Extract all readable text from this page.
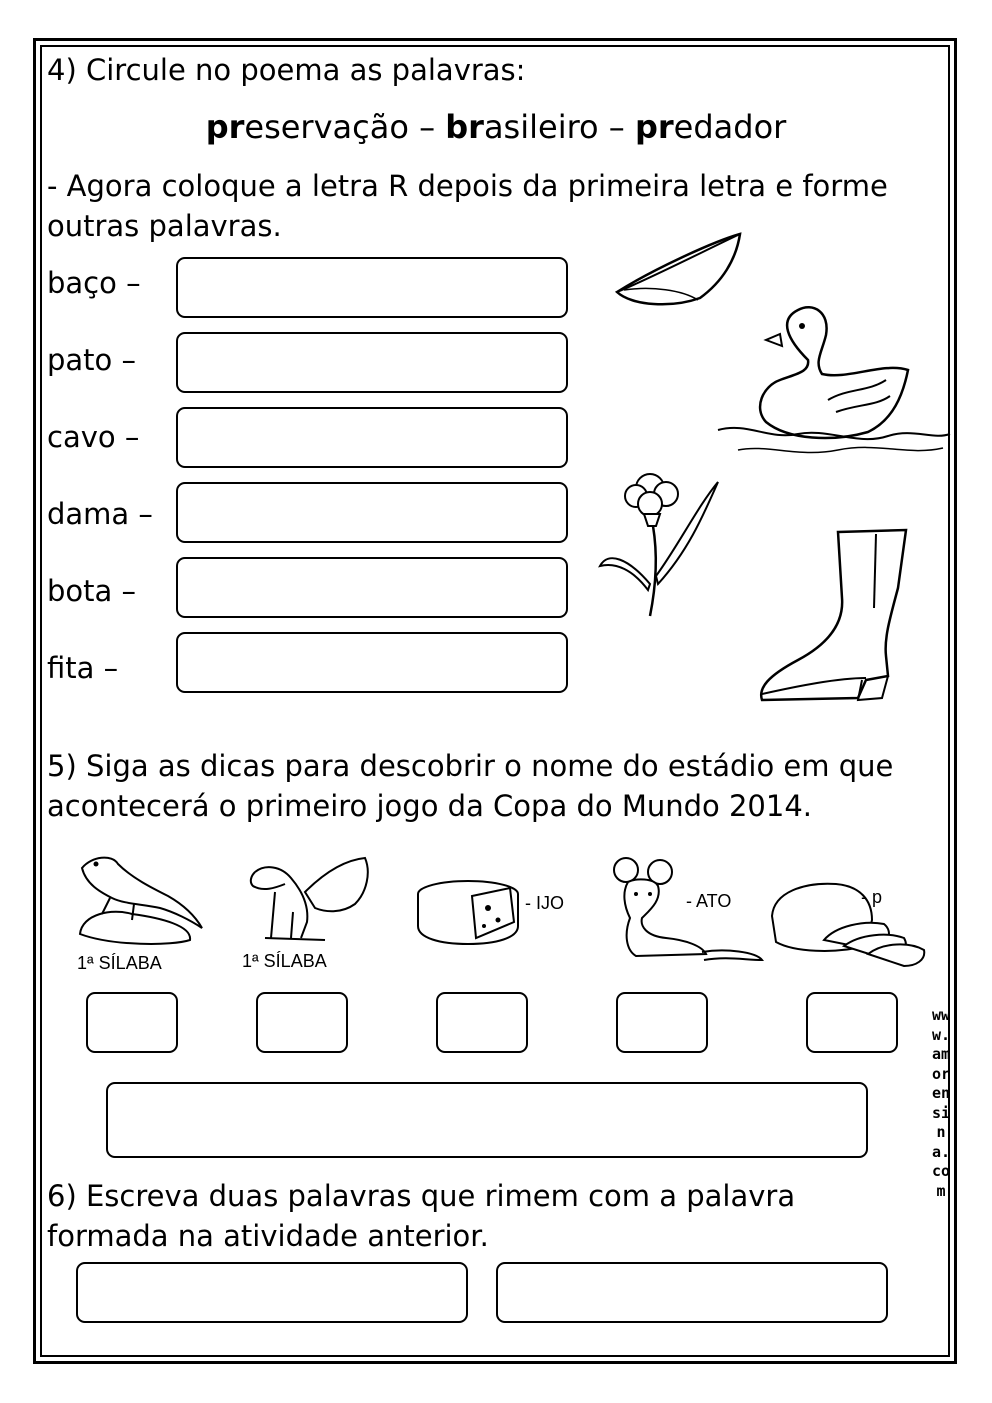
4) Circule no poema as palavras:
preservação – brasileiro – predador
- Agora coloque a letra R depois da primeira letra e forme
outras palavras.
baço –
pato –
cavo –
dama –
bota –
fita –
5) Siga as dicas para descobrir o nome do estádio em que
acontecerá o primeiro jogo da Copa do Mundo 2014.
1ª SÍLABA	1ª SÍLABA
- IJO	- ATO	- p
6) Escreva duas palavras que rimem com a palavra
formada na atividade anterior.
www.amorensina.com
